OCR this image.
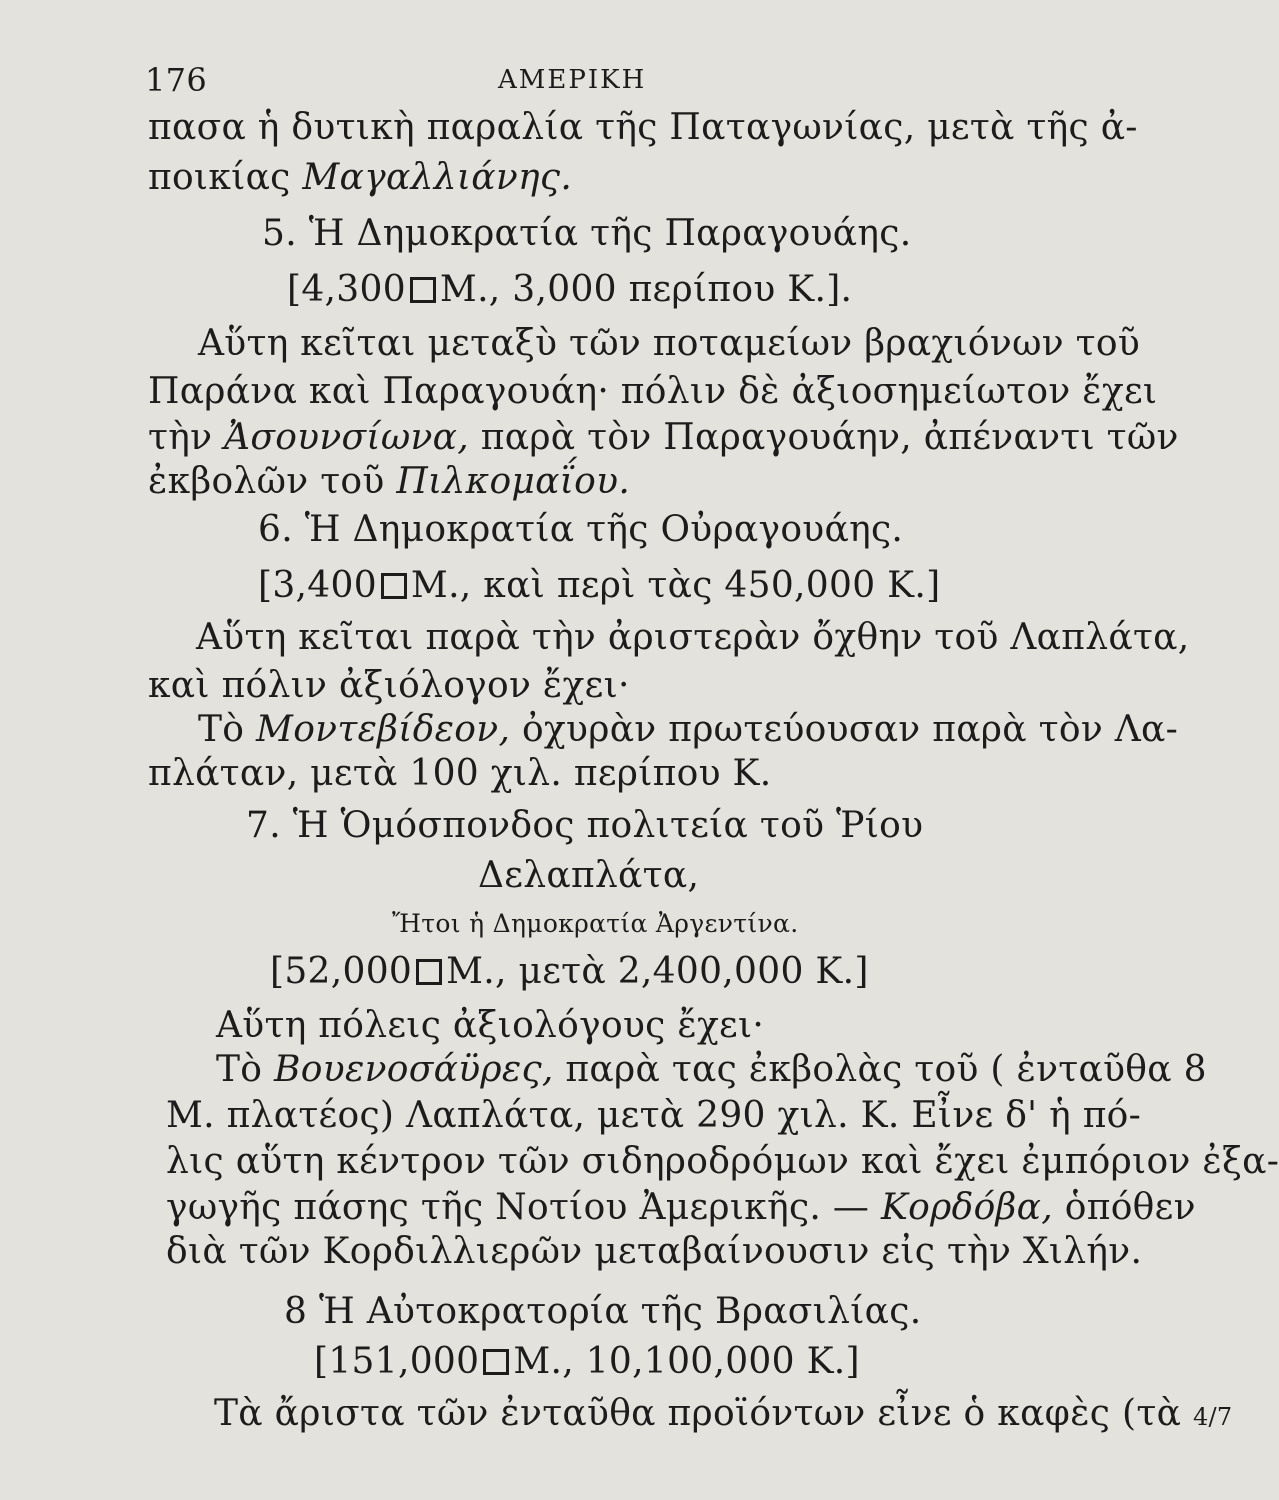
176	ΑΜΕΡΙΚΗ
πασα ἡ δυτικὴ παραλία τῆς Παταγωνίας, μετὰ τῆς ἀ-
ποικίας Μαγαλλιάνης.
5. Ἡ Δημοκρατία τῆς Παραγουάης.
[4,300 Μ., 3,000 περίπου Κ.].
Αὕτη κεῖται μεταξὺ τῶν ποταμείων βραχιόνων τοῦ
Παράνα καὶ Παραγουάη· πόλιν δὲ ἀξιοσημείωτον ἔχει
τὴν Ἀσουνσίωνα, παρὰ τὸν Παραγουάην, ἀπέναντι τῶν
ἐκβολῶν τοῦ Πιλκομαΐου.
6. Ἡ Δημοκρατία τῆς Οὐραγουάης.
[3,400 Μ., καὶ περὶ τὰς 450,000 Κ.]
Αὕτη κεῖται παρὰ τὴν ἀριστερὰν ὄχθην τοῦ Λαπλάτα,
καὶ πόλιν ἀξιόλογον ἔχει·
Τὸ Μοντεβίδεον, ὀχυρὰν πρωτεύουσαν παρὰ τὸν Λα-
πλάταν, μετὰ 100 χιλ. περίπου Κ.
7. Ἡ Ὁμόσπονδος πολιτεία τοῦ Ῥίου
Δελαπλάτα,
Ἤτοι ἡ Δημοκρατία Ἀργεντίνα.
[52,000 Μ., μετὰ 2,400,000 Κ.]
Αὕτη πόλεις ἀξιολόγους ἔχει·
Τὸ Βουενοσάϋρες, παρὰ τας ἐκβολὰς τοῦ ( ἐνταῦθα 8
Μ. πλατέος) Λαπλάτα, μετὰ 290 χιλ. Κ. Εἶνε δ' ἡ πό-
λις αὕτη κέντρον τῶν σιδηροδρόμων καὶ ἔχει ἐμπόριον ἐξα-
γωγῆς πάσης τῆς Νοτίου Ἀμερικῆς. — Κορδόβα, ὁπόθεν
διὰ τῶν Κορδιλλιερῶν μεταβαίνουσιν εἰς τὴν Χιλήν.
8 Ἡ Αὐτοκρατορία τῆς Βρασιλίας.
[151,000 Μ., 10,100,000 Κ.]
Τὰ ἄριστα τῶν ἐνταῦθα προϊόντων εἶνε ὁ καφὲς (τὰ 4/7
